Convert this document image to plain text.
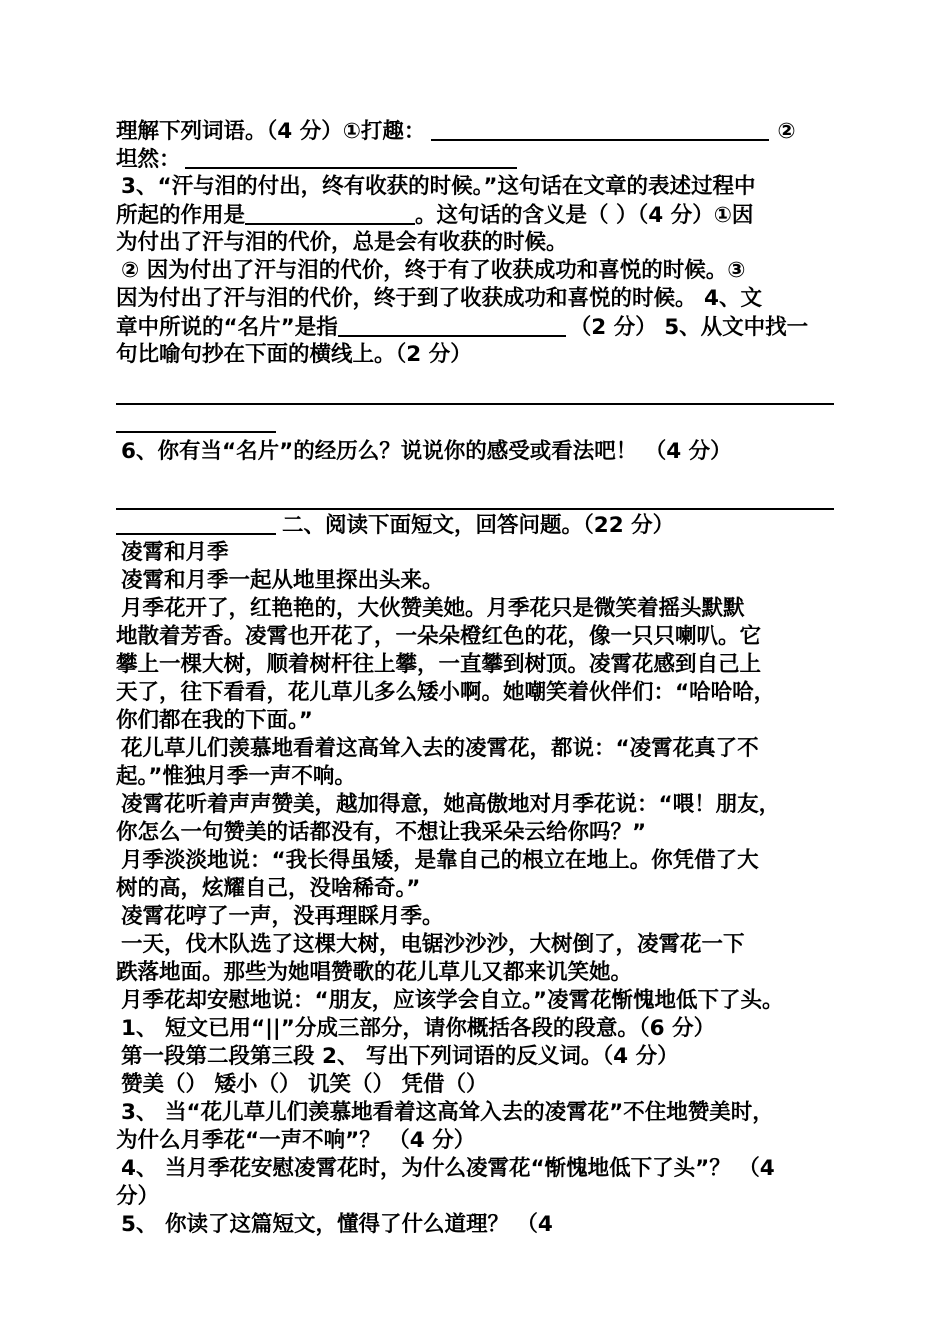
理解下列词语。（4 分）①打趣：	②
坦然：
3、“汗与泪的付出，终有收获的时候。”这句话在文章的表述过程中
所起的作用是	。这句话的含义是（ ）（4 分）①因
为付出了汗与泪的代价，总是会有收获的时候。
② 因为付出了汗与泪的代价，终于有了收获成功和喜悦的时候。③
因为付出了汗与泪的代价，终于到了收获成功和喜悦的时候。 4、文
章中所说的“名片”是指	（2 分） 5、从文中找一
句比喻句抄在下面的横线上。（2 分）
6、你有当“名片”的经历么？说说你的感受或看法吧！ （4 分）
二、阅读下面短文，回答问题。（22 分）
凌霄和月季
凌霄和月季一起从地里探出头来。
月季花开了，红艳艳的，大伙赞美她。月季花只是微笑着摇头默默
地散着芳香。凌霄也开花了，一朵朵橙红色的花，像一只只喇叭。它
攀上一棵大树，顺着树杆往上攀，一直攀到树顶。凌霄花感到自己上
天了，往下看看，花儿草儿多么矮小啊。她嘲笑着伙伴们：“哈哈哈，
你们都在我的下面。”
花儿草儿们羡慕地看着这高耸入去的凌霄花，都说：“凌霄花真了不
起。”惟独月季一声不响。
凌霄花听着声声赞美，越加得意，她高傲地对月季花说：“喂！朋友，
你怎么一句赞美的话都没有，不想让我采朵云给你吗？”
月季淡淡地说：“我长得虽矮，是靠自己的根立在地上。你凭借了大
树的高，炫耀自己，没啥稀奇。”
凌霄花哼了一声，没再理睬月季。
一天，伐木队选了这棵大树，电锯沙沙沙，大树倒了，凌霄花一下
跌落地面。那些为她唱赞歌的花儿草儿又都来讥笑她。
月季花却安慰地说：“朋友，应该学会自立。”凌霄花惭愧地低下了头。
1、 短文已用“||”分成三部分，请你概括各段的段意。（6 分）
第一段第二段第三段 2、 写出下列词语的反义词。（4 分）
赞美（） 矮小（） 讥笑（） 凭借（）
3、 当“花儿草儿们羡慕地看着这高耸入去的凌霄花”不住地赞美时，
为什么月季花“一声不响”？ （4 分）
4、 当月季花安慰凌霄花时，为什么凌霄花“惭愧地低下了头”？ （4
分）
5、 你读了这篇短文，懂得了什么道理？ （4
